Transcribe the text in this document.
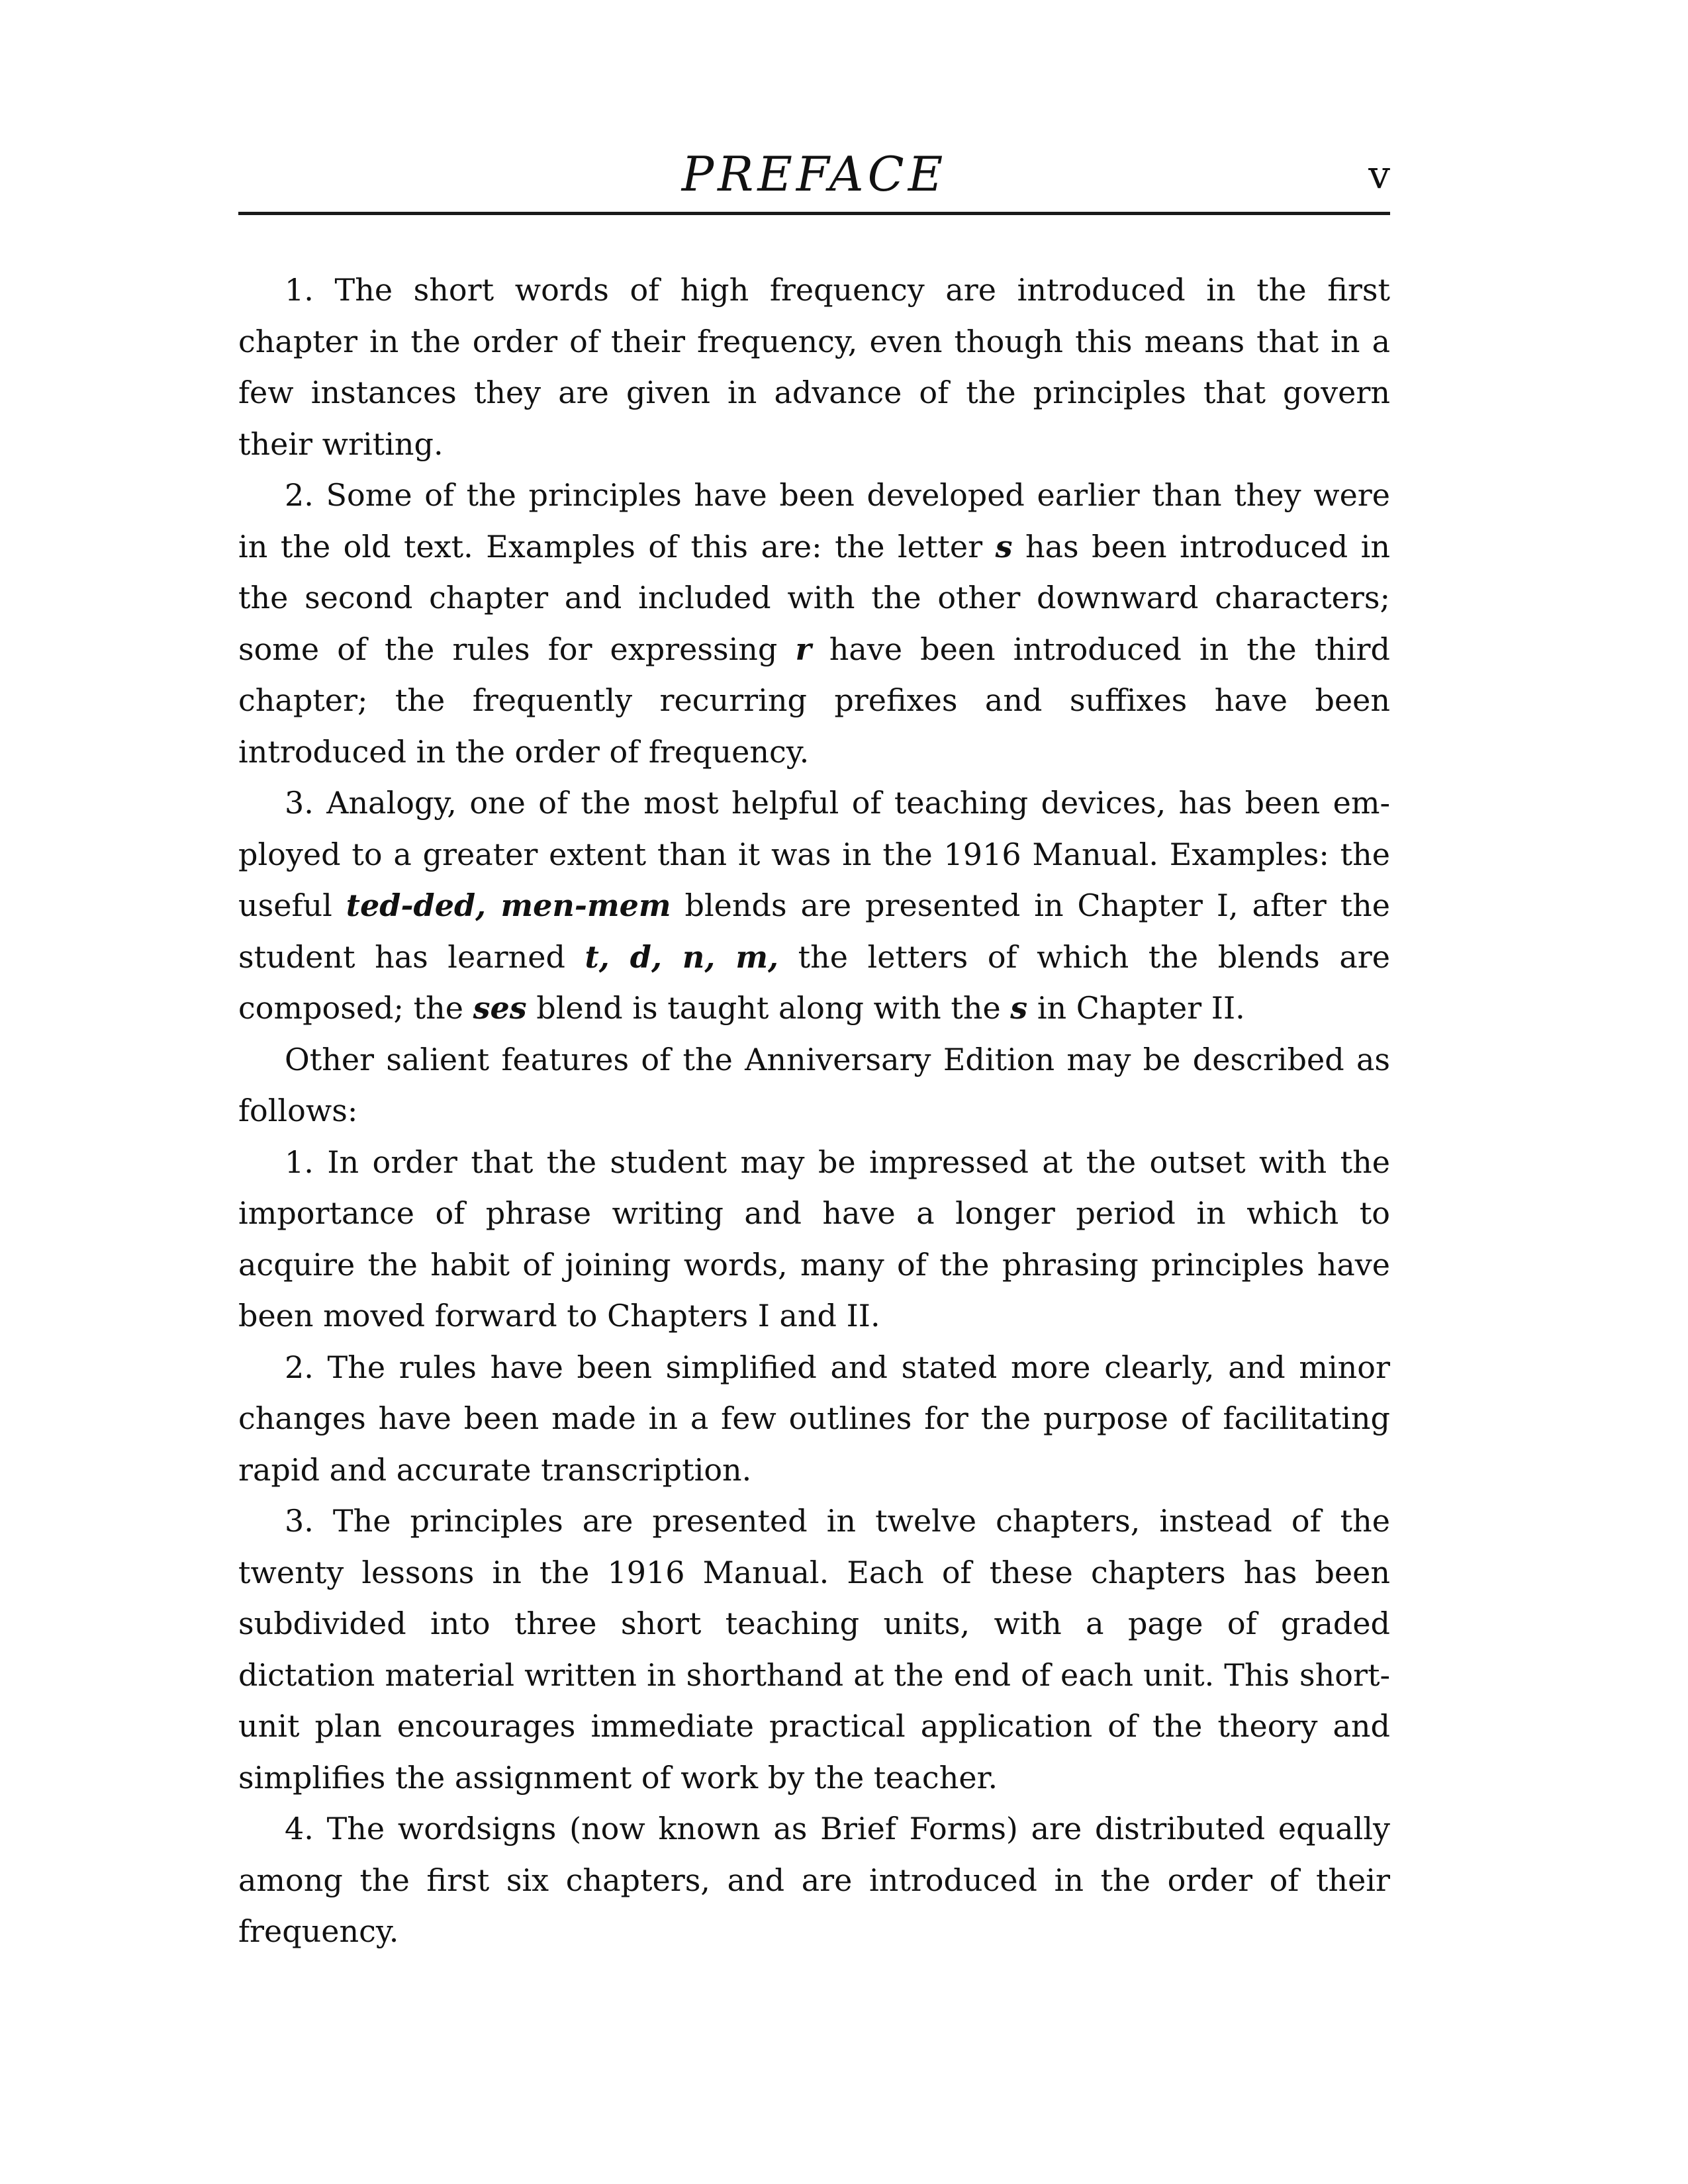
PREFACE	v

1. The short words of high frequency are introduced in the first chapter in the order of their frequency, even though this means that in a few instances they are given in advance of the principles that govern their writing.

2. Some of the principles have been developed earlier than they were in the old text. Examples of this are: the letter s has been introduced in the second chapter and included with the other downward characters; some of the rules for expressing r have been introduced in the third chapter; the frequently recurring prefixes and suffixes have been introduced in the order of frequency.

3. Analogy, one of the most helpful of teaching devices, has been employed to a greater extent than it was in the 1916 Manual. Examples: the useful ted-ded, men-mem blends are presented in Chapter I, after the student has learned t, d, n, m, the letters of which the blends are composed; the ses blend is taught along with the s in Chapter II.

Other salient features of the Anniversary Edition may be described as follows:

1. In order that the student may be impressed at the outset with the importance of phrase writing and have a longer period in which to acquire the habit of joining words, many of the phrasing principles have been moved forward to Chapters I and II.

2. The rules have been simplified and stated more clearly, and minor changes have been made in a few outlines for the purpose of facilitating rapid and accurate transcription.

3. The principles are presented in twelve chapters, instead of the twenty lessons in the 1916 Manual. Each of these chapters has been subdivided into three short teaching units, with a page of graded dictation material written in shorthand at the end of each unit. This short-unit plan encourages immediate practical application of the theory and simplifies the assignment of work by the teacher.

4. The wordsigns (now known as Brief Forms) are distributed equally among the first six chapters, and are introduced in the order of their frequency.
